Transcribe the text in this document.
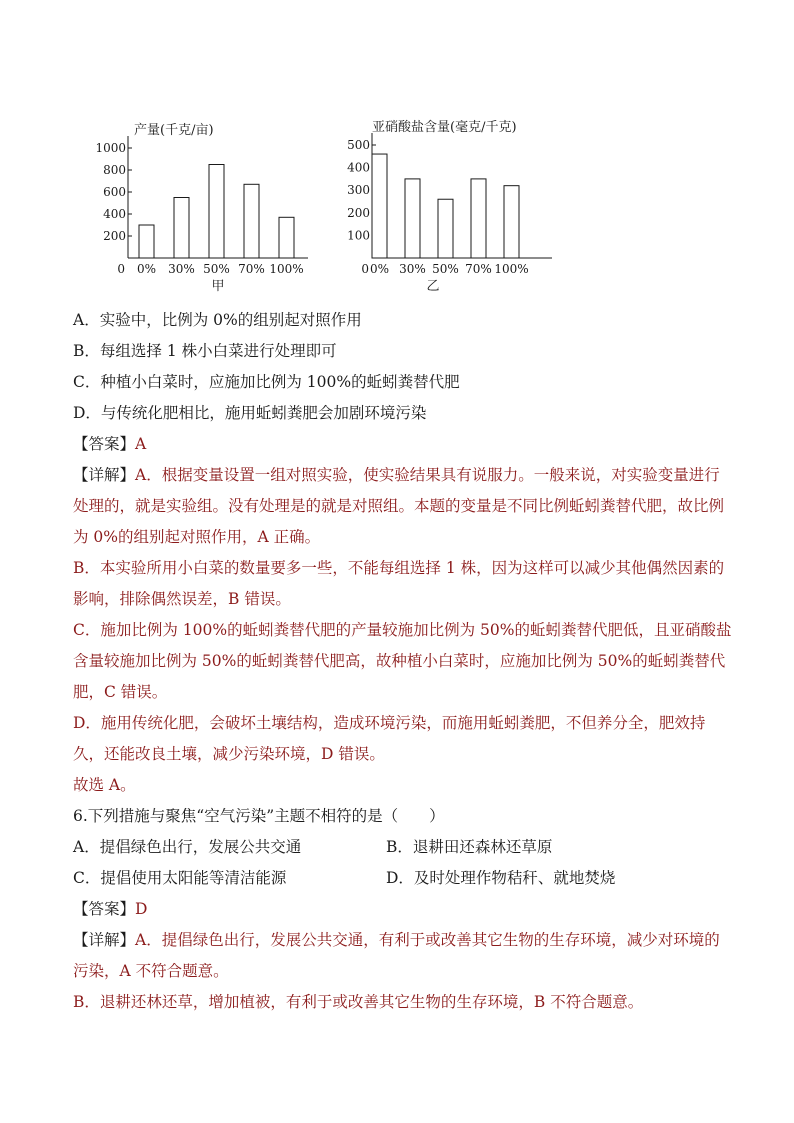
产量(千克/亩)
200
400
600
800
1000
0 0% 30% 50% 70% 100%
甲
亚硝酸盐含量(毫克/千克)
100
200
300
400
500
0 0% 30% 50% 70% 100%
乙
A．实验中，比例为 0%的组别起对照作用
B．每组选择 1 株小白菜进行处理即可
C．种植小白菜时，应施加比例为 100%的蚯蚓粪替代肥
D．与传统化肥相比，施用蚯蚓粪肥会加剧环境污染
【答案】A
【详解】A．根据变量设置一组对照实验，使实验结果具有说服力。一般来说，对实验变量进行处理的，就是实验组。没有处理是的就是对照组。本题的变量是不同比例蚯蚓粪替代肥，故比例为 0%的组别起对照作用，A 正确。
B．本实验所用小白菜的数量要多一些，不能每组选择 1 株，因为这样可以减少其他偶然因素的影响，排除偶然误差，B 错误。
C．施加比例为 100%的蚯蚓粪替代肥的产量较施加比例为 50%的蚯蚓粪替代肥低，且亚硝酸盐含量较施加比例为 50%的蚯蚓粪替代肥高，故种植小白菜时，应施加比例为 50%的蚯蚓粪替代肥，C 错误。
D．施用传统化肥，会破坏土壤结构，造成环境污染，而施用蚯蚓粪肥，不但养分全，肥效持久，还能改良土壤，减少污染环境，D 错误。
故选 A。
6.下列措施与聚焦“空气污染”主题不相符的是（　　）
A．提倡绿色出行，发展公共交通	B．退耕田还森林还草原
C．提倡使用太阳能等清洁能源	D．及时处理作物秸秆、就地焚烧
【答案】D
【详解】A．提倡绿色出行，发展公共交通，有利于或改善其它生物的生存环境，减少对环境的污染，A 不符合题意。
B．退耕还林还草，增加植被，有利于或改善其它生物的生存环境，B 不符合题意。
